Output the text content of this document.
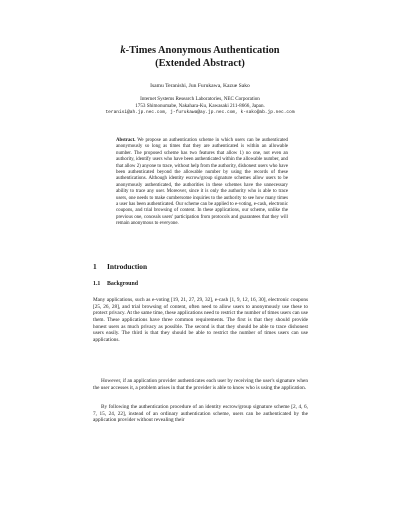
k-Times Anonymous Authentication
(Extended Abstract)
Isamu Teranishi, Jun Furukawa, Kazue Sako
Internet Systems Research Laboratories, NEC Corporation
1753 Shimonumabe, Nakahara-Ku, Kawasaki 211-8666, Japan.
teranisi@ah.jp.nec.com, j-furukawa@ay.jp.nec.com, k-sako@ab.jp.nec.com

Abstract. We propose an authentication scheme in which users can be authenticated anonymously so long as times that they are authenticated is within an allowable number. The proposed scheme has two features that allow 1) no one, not even an authority, identify users who have been authenticated within the allowable number, and that allow 2) anyone to trace, without help from the authority, dishonest users who have been authenticated beyond the allowable number by using the records of these authentications. Although identity escrow/group signature schemes allow users to be anonymously authenticated, the authorities in these schemes have the unnecessary ability to trace any user. Moreover, since it is only the authority who is able to trace users, one needs to make cumbersome inquiries to the authority to see how many times a user has been authenticated. Our scheme can be applied to e-voting, e-cash, electronic coupons, and trial browsing of content. In these applications, our scheme, unlike the previous one, conceals users' participation from protocols and guarantees that they will remain anonymous to everyone.

1 Introduction
1.1 Background

Many applications, such as e-voting [19, 21, 27, 29, 32], e-cash [1, 9, 12, 16, 30], electronic coupons [25, 26, 28], and trial browsing of content, often need to allow users to anonymously use these to protect privacy. At the same time, these applications need to restrict the number of times users can use them. These applications have three common requirements. The first is that they should provide honest users as much privacy as possible. The second is that they should be able to trace dishonest users easily. The third is that they should be able to restrict the number of times users can use applications.

However, if an application provider authenticates each user by receiving the user's signature when the user accesses it, a problem arises in that the provider is able to know who is using the application.

By following the authentication procedure of an identity escrow/group signature scheme [2, 4, 6, 7, 15, 24, 22], instead of an ordinary authentication scheme, users can be authenticated by the application provider without revealing their
